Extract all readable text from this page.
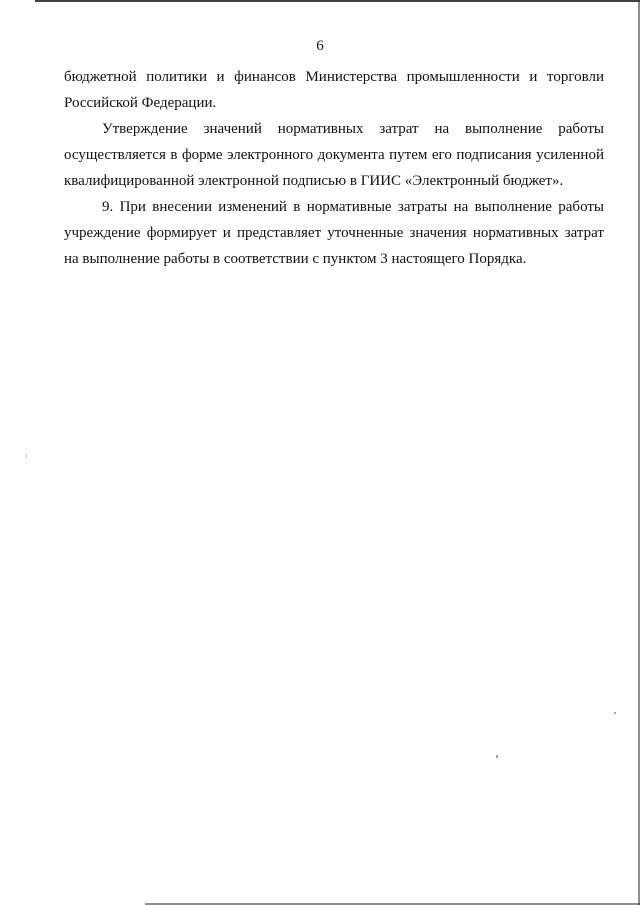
6

бюджетной политики и финансов Министерства промышленности и торговли
Российской Федерации.

Утверждение значений нормативных затрат на выполнение работы
осуществляется в форме электронного документа путем его подписания усиленной
квалифицированной электронной подписью в ГИИС «Электронный бюджет».

9. При внесении изменений в нормативные затраты на выполнение работы
учреждение формирует и представляет уточненные значения нормативных затрат
на выполнение работы в соответствии с пунктом 3 настоящего Порядка.
